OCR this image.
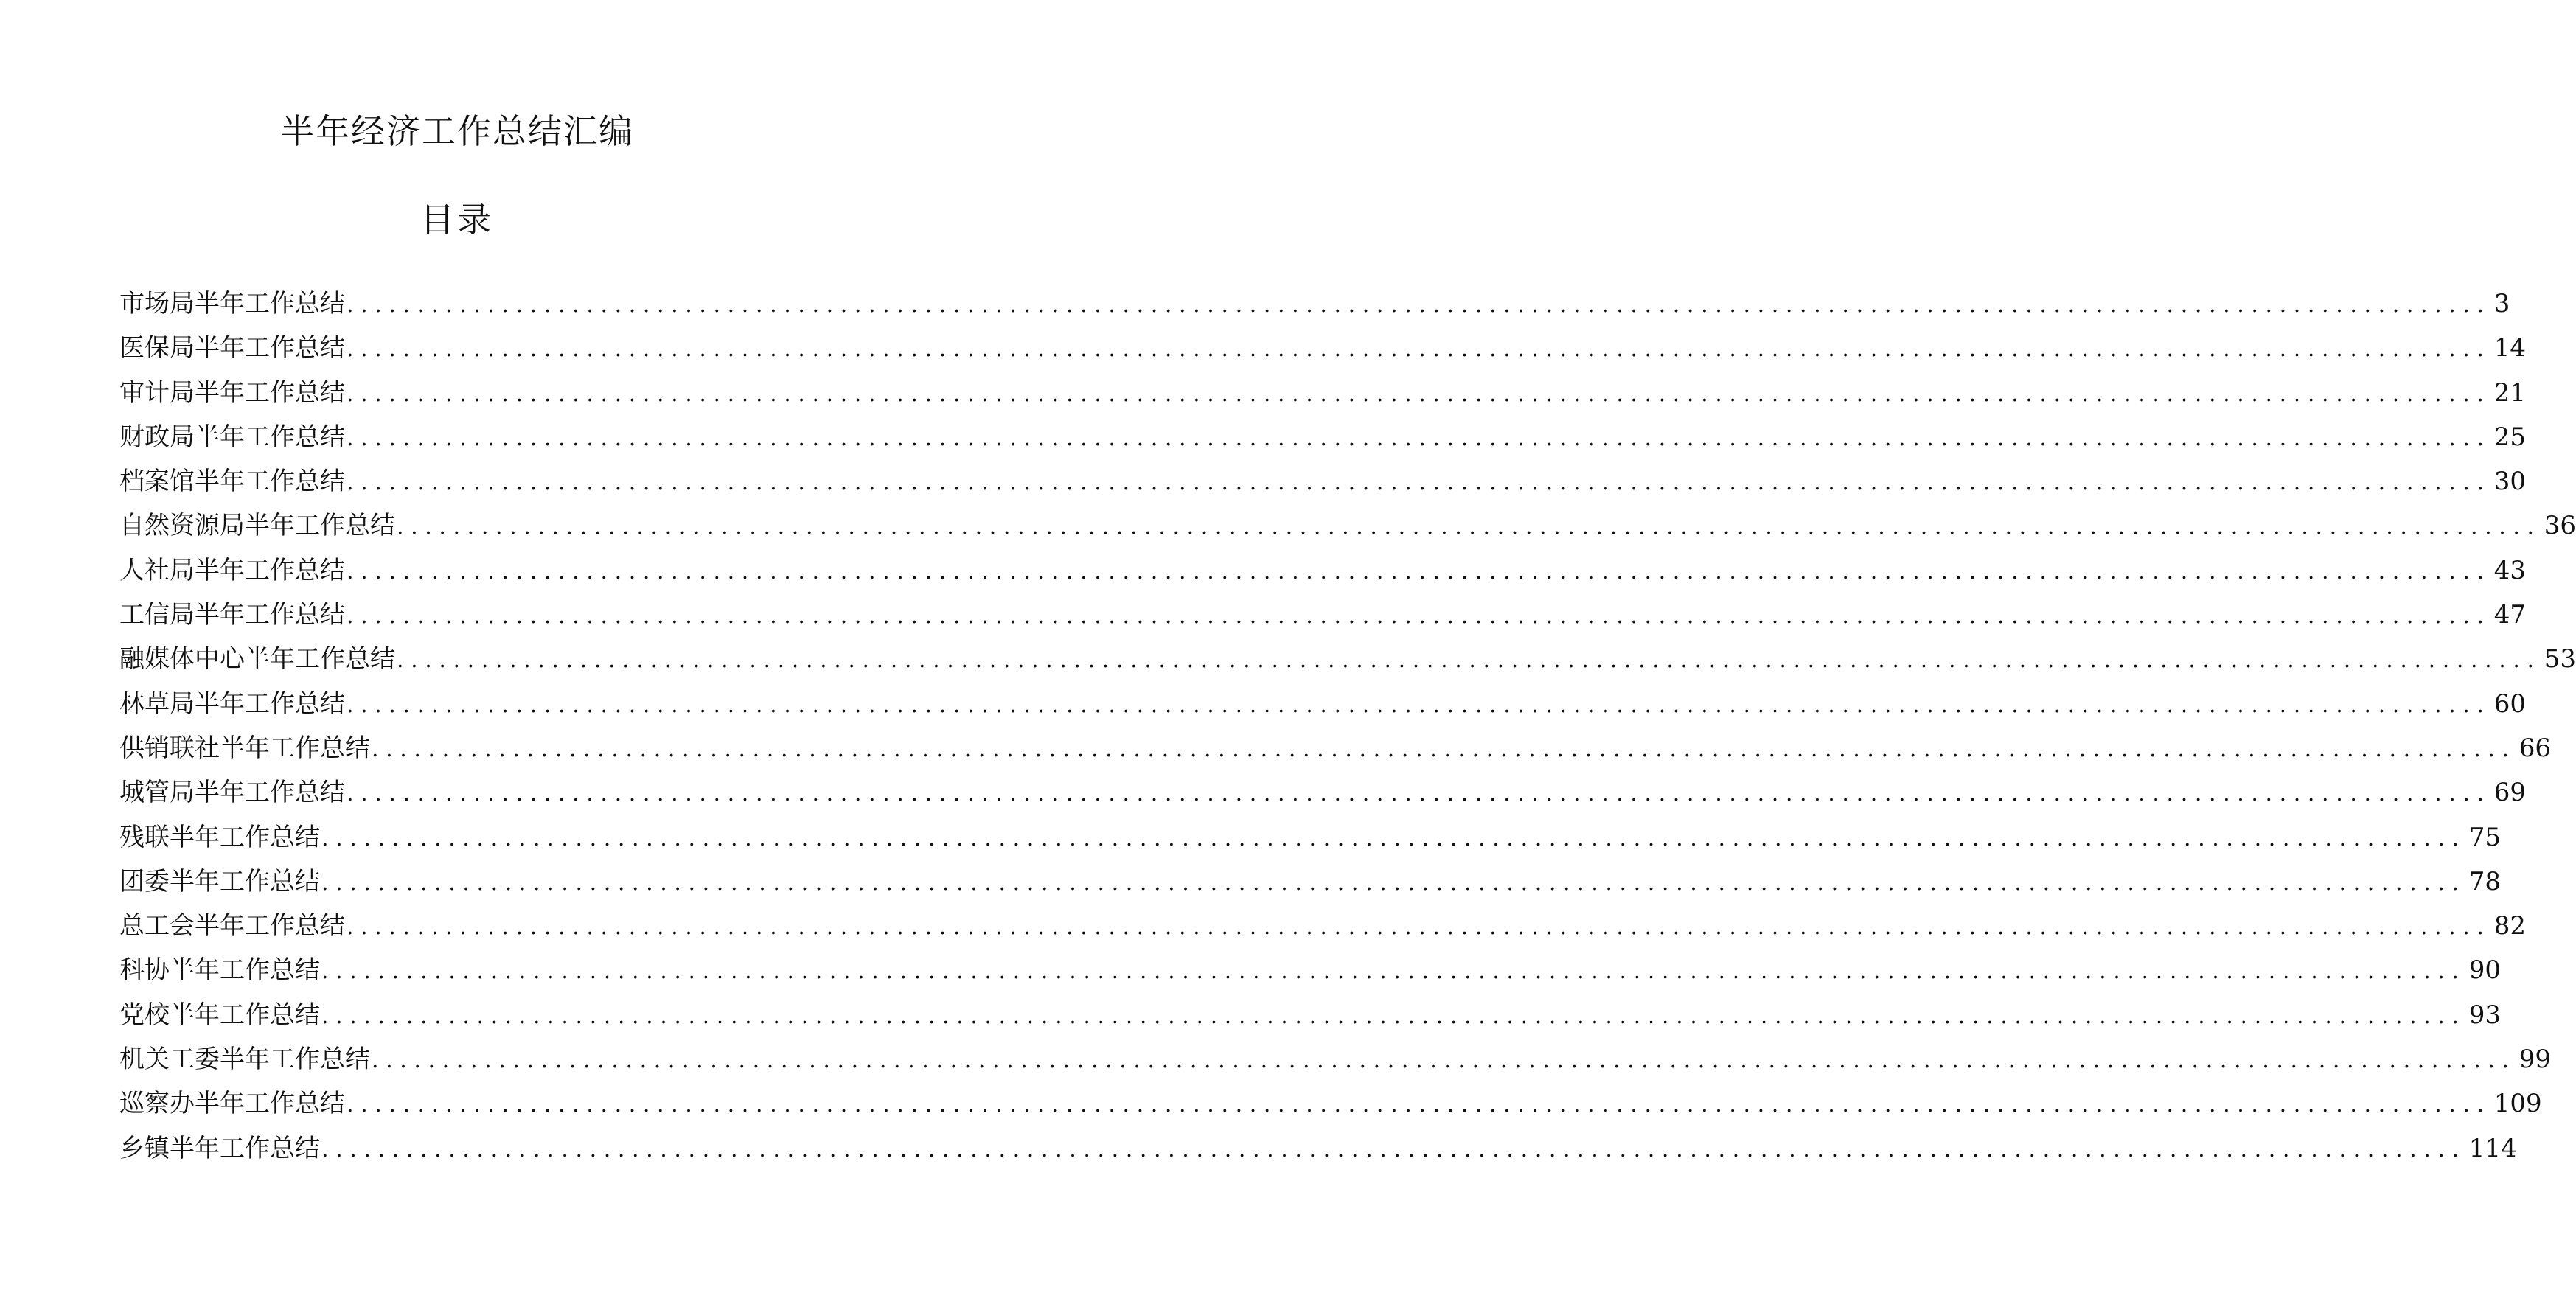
半年经济工作总结汇编
目录
市场局半年工作总结 ........................................................................................................................................................ 3
医保局半年工作总结 ........................................................................................................................................................ 14
审计局半年工作总结 ........................................................................................................................................................ 21
财政局半年工作总结 ........................................................................................................................................................ 25
档案馆半年工作总结 ........................................................................................................................................................ 30
自然资源局半年工作总结 ........................................................................................................................................................ 36
人社局半年工作总结 ........................................................................................................................................................ 43
工信局半年工作总结 ........................................................................................................................................................ 47
融媒体中心半年工作总结 ........................................................................................................................................................ 53
林草局半年工作总结 ........................................................................................................................................................ 60
供销联社半年工作总结 ........................................................................................................................................................ 66
城管局半年工作总结 ........................................................................................................................................................ 69
残联半年工作总结 ........................................................................................................................................................ 75
团委半年工作总结 ........................................................................................................................................................ 78
总工会半年工作总结 ........................................................................................................................................................ 82
科协半年工作总结 ........................................................................................................................................................ 90
党校半年工作总结 ........................................................................................................................................................ 93
机关工委半年工作总结 ........................................................................................................................................................ 99
巡察办半年工作总结 ........................................................................................................................................................ 109
乡镇半年工作总结 ........................................................................................................................................................ 114
